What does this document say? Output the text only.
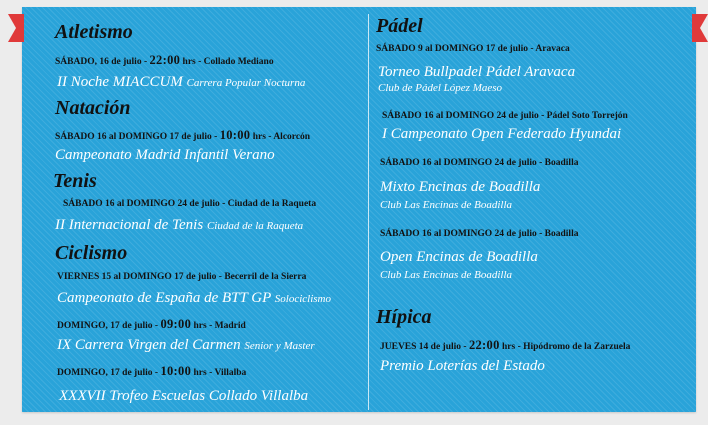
Atletismo
SÁBADO, 16 de julio - 22:00 hrs - Collado Mediano
II Noche MIACCUM Carrera Popular Nocturna
Natación
SÁBADO 16 al DOMINGO 17 de julio - 10:00 hrs - Alcorcón
Campeonato Madrid Infantil Verano
Tenis
SÁBADO 16 al DOMINGO 24 de julio - Ciudad de la Raqueta
II Internacional de Tenis Ciudad de la Raqueta
Ciclismo
VIERNES 15 al DOMINGO 17 de julio - Becerril de la Sierra
Campeonato de España de BTT GP Solociclismo
DOMINGO, 17 de julio - 09:00 hrs - Madrid
IX Carrera Virgen del Carmen Senior y Master
DOMINGO, 17 de julio - 10:00 hrs - Villalba
XXXVII Trofeo Escuelas Collado Villalba
Pádel
SÁBADO 9 al DOMINGO 17 de julio - Aravaca
Torneo Bullpadel Pádel Aravaca
Club de Pádel López Maeso
SÁBADO 16 al DOMINGO 24 de julio - Pádel Soto Torrejón
I Campeonato Open Federado Hyundai
SÁBADO 16 al DOMINGO 24 de julio - Boadilla
Mixto Encinas de Boadilla
Club Las Encinas de Boadilla
SÁBADO 16 al DOMINGO 24 de julio - Boadilla
Open Encinas de Boadilla
Club Las Encinas de Boadilla
Hípica
JUEVES 14 de julio - 22:00 hrs - Hipódromo de la Zarzuela
Premio Loterías del Estado
